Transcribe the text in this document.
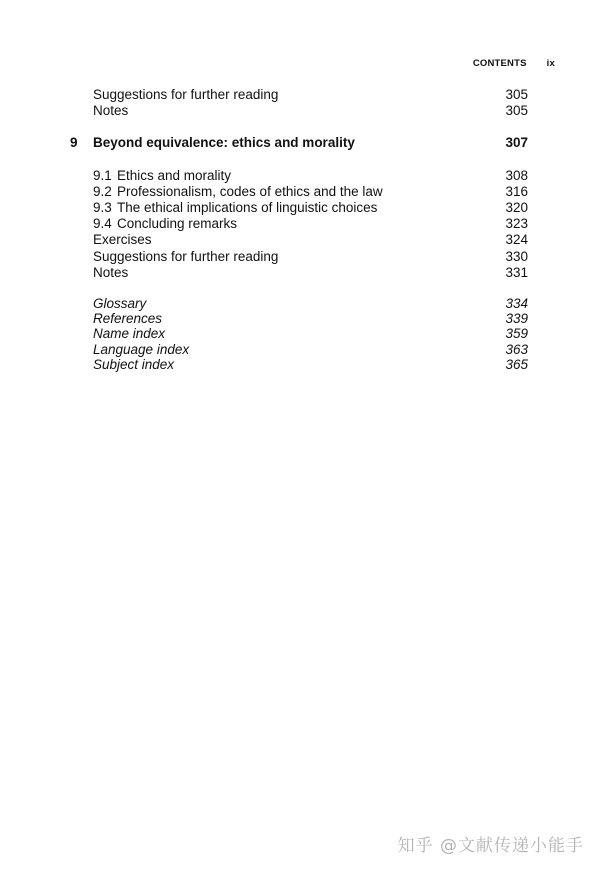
CONTENTS ix
Suggestions for further reading	305
Notes	305
9 Beyond equivalence: ethics and morality	307
9.1 Ethics and morality	308
9.2 Professionalism, codes of ethics and the law	316
9.3 The ethical implications of linguistic choices	320
9.4 Concluding remarks	323
Exercises	324
Suggestions for further reading	330
Notes	331
Glossary	334
References	339
Name index	359
Language index	363
Subject index	365
知乎 @文献传递小能手
